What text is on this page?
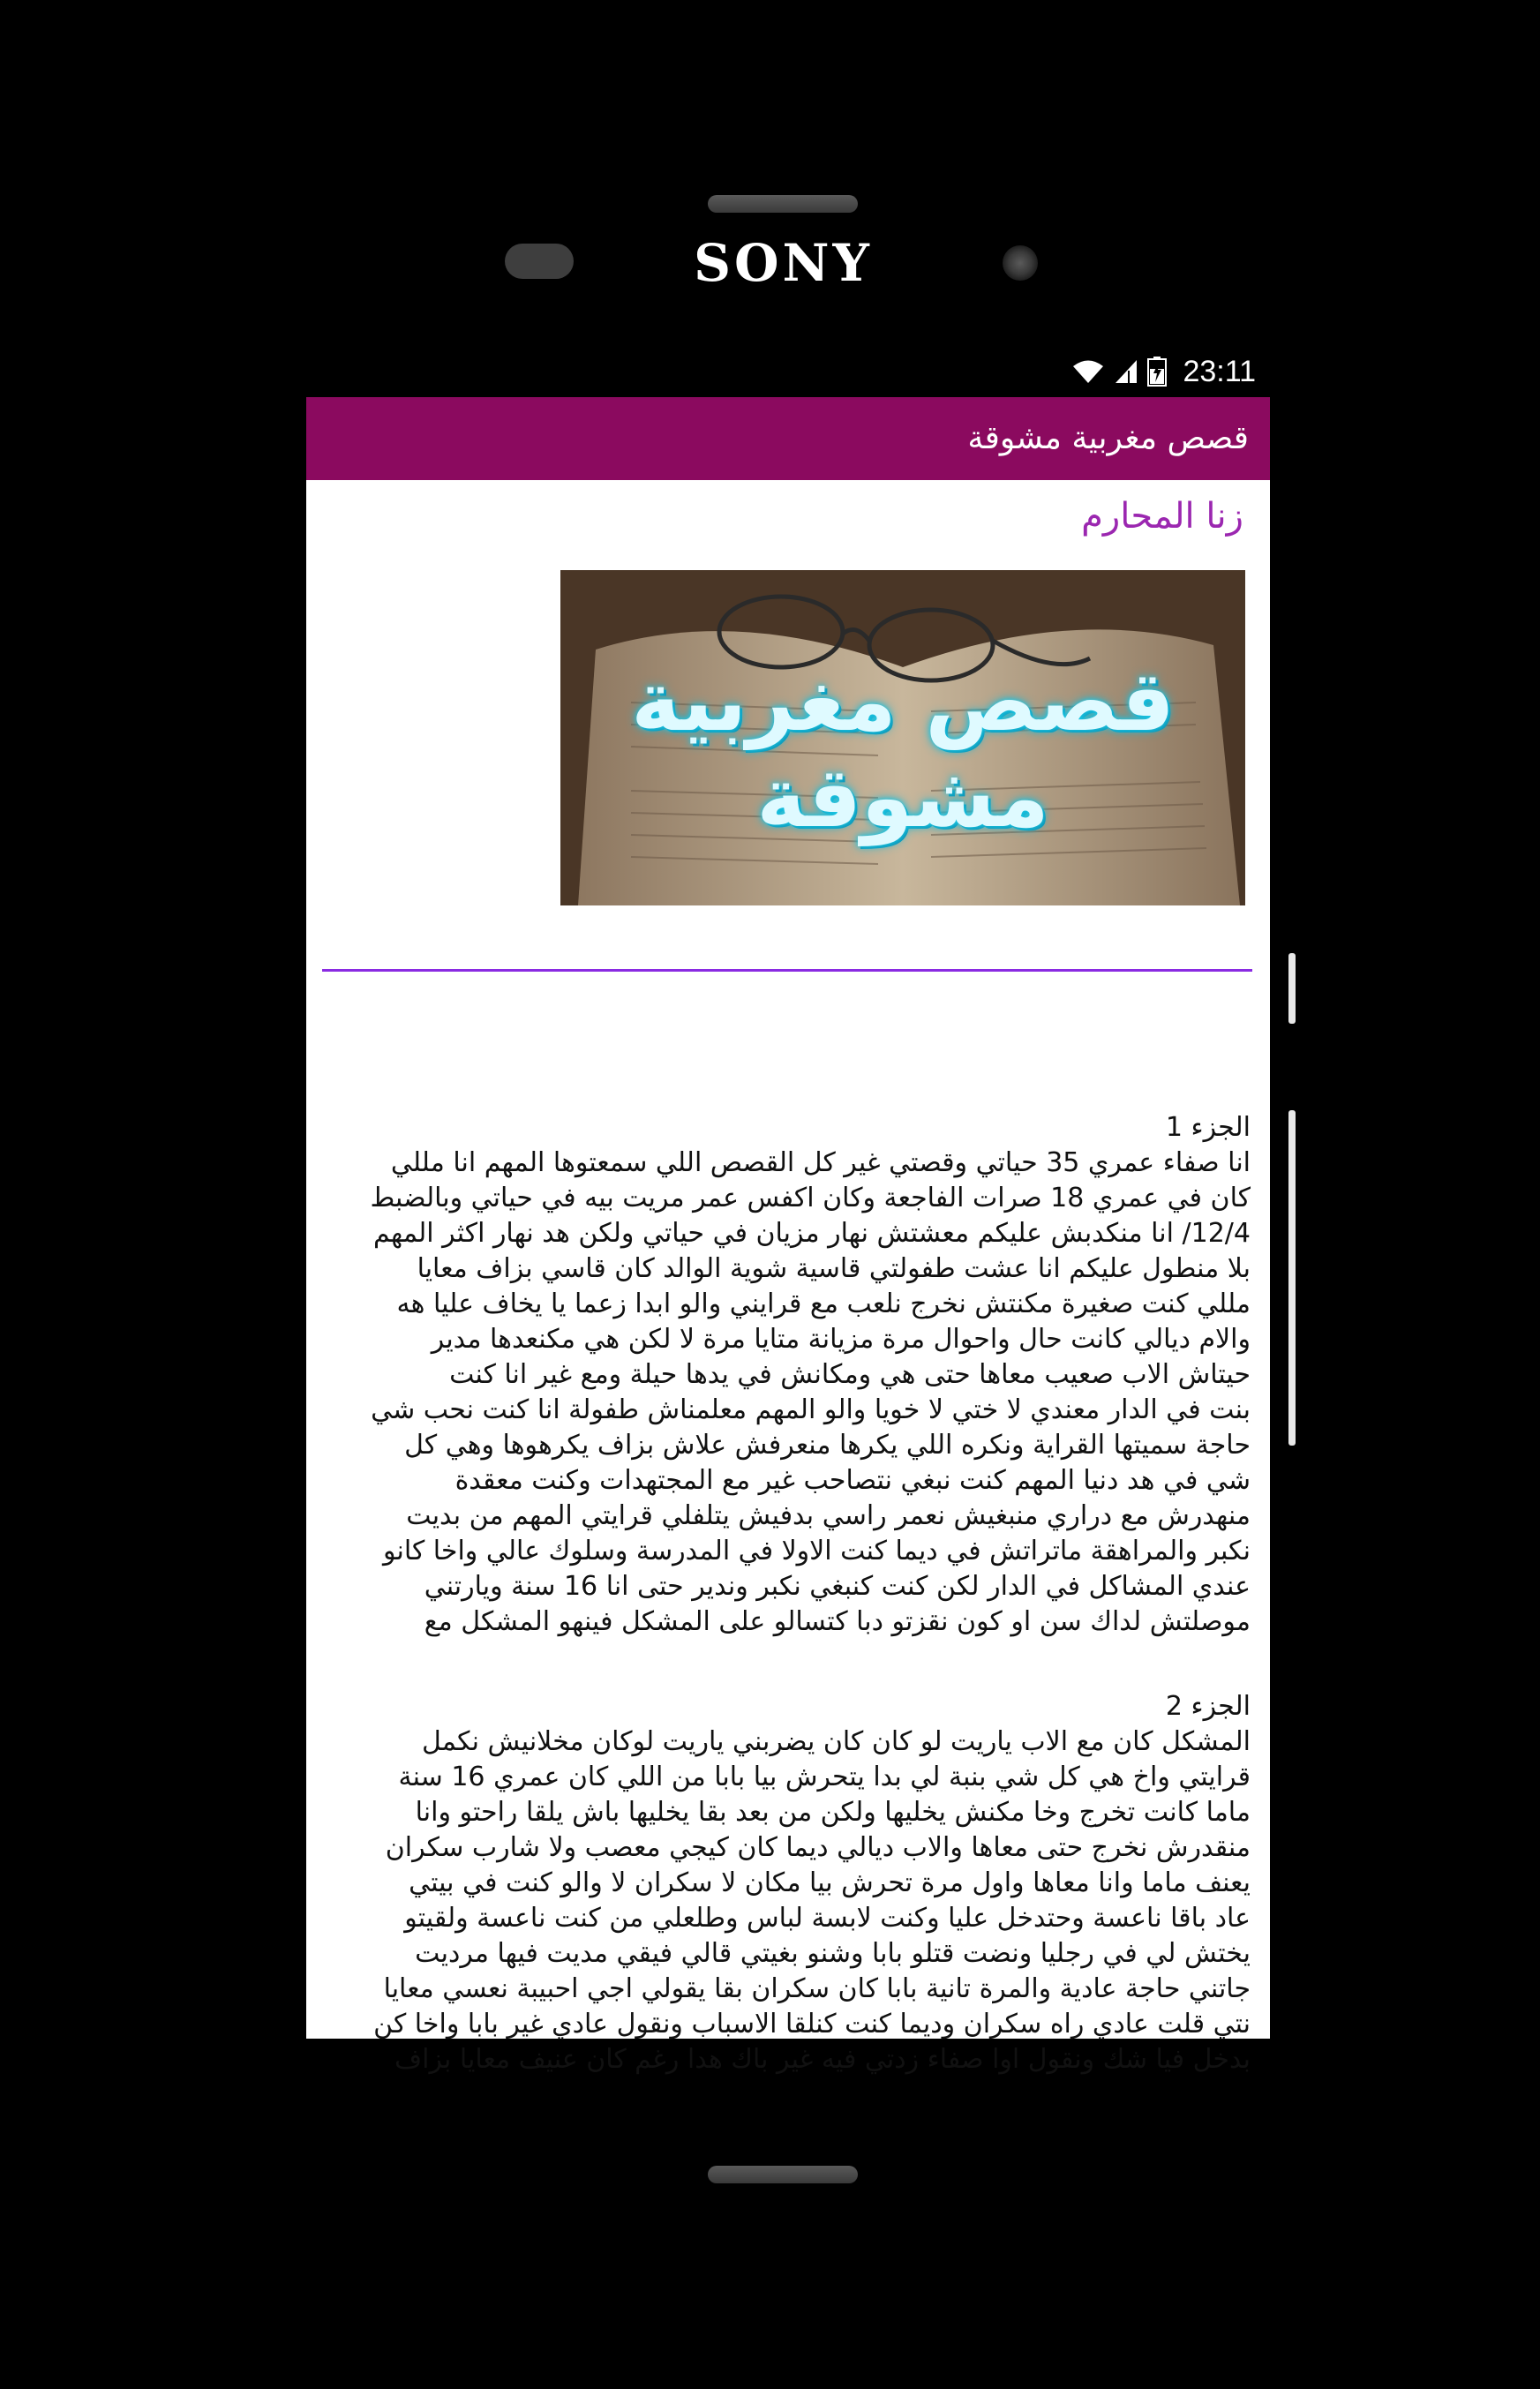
SONY
23:11
قصص مغربية مشوقة
زنا المحارم
قصص مغربية مشوقة

الجزء 1

انا صفاء عمري 35 حياتي وقصتي غير كل القصص اللي سمعتوها المهم انا مللي
كان في عمري 18 صرات الفاجعة وكان اكفس عمر مريت بيه في حياتي وبالضبط
12/4/ انا منكدبش عليكم معشتش نهار مزيان في حياتي ولكن هد نهار اكثر المهم
بلا منطول عليكم انا عشت طفولتي قاسية شوية الوالد كان قاسي بزاف معايا
مللي كنت صغيرة مكنتش نخرج نلعب مع قرايني والو ابدا زعما يا يخاف عليا هه
والام ديالي كانت حال واحوال مرة مزيانة متايا مرة لا لكن هي مكنعدها مدير
حيتاش الاب صعيب معاها حتى هي ومكانش في يدها حيلة ومع غير انا كنت
بنت في الدار معندي لا ختي لا خويا والو المهم معلمناش طفولة انا كنت نحب شي
حاجة سميتها القراية ونكره اللي يكرها منعرفش علاش بزاف يكرهوها وهي كل
شي في هد دنيا المهم كنت نبغي نتصاحب غير مع المجتهدات وكنت معقدة
منهدرش مع دراري منبغيش نعمر راسي بدفيش يتلفلي قرايتي المهم من بديت
نكبر والمراهقة ماتراتش في ديما كنت الاولا في المدرسة وسلوك عالي واخا كانو
عندي المشاكل في الدار لكن كنت كنبغي نكبر وندير حتى انا 16 سنة ويارتني
موصلتش لداك سن او كون نقزتو دبا كتسالو على المشكل فينهو المشكل مع

الجزء 2

المشكل كان مع الاب ياريت لو كان كان يضربني ياريت لوكان مخلانيش نكمل
قرايتي واخ هي كل شي بنبة لي بدا يتحرش بيا بابا من اللي كان عمري 16 سنة
ماما كانت تخرج وخا مكنش يخليها ولكن من بعد بقا يخليها باش يلقا راحتو وانا
منقدرش نخرج حتى معاها والاب ديالي ديما كان كيجي معصب ولا شارب سكران
يعنف ماما وانا معاها واول مرة تحرش بيا مكان لا سكران لا والو كنت في بيتي
عاد باقا ناعسة وحتدخل عليا وكنت لابسة لباس وطلعلي من كنت ناعسة ولقيتو
يختش لي في رجليا ونضت قتلو بابا وشنو بغيتي قالي فيقي مديت فيها مرديت
جاتني حاجة عادية والمرة تانية بابا كان سكران بقا يقولي اجي احبيبة نعسي معايا
نتي قلت عادي راه سكران وديما كنت كنلقا الاسباب ونقول عادي غير بابا واخا كن
بدخل فيا شك ونقول اوا صفاء زدتي فيه غير باك هدا رغم كان عنيف معايا بزاف
